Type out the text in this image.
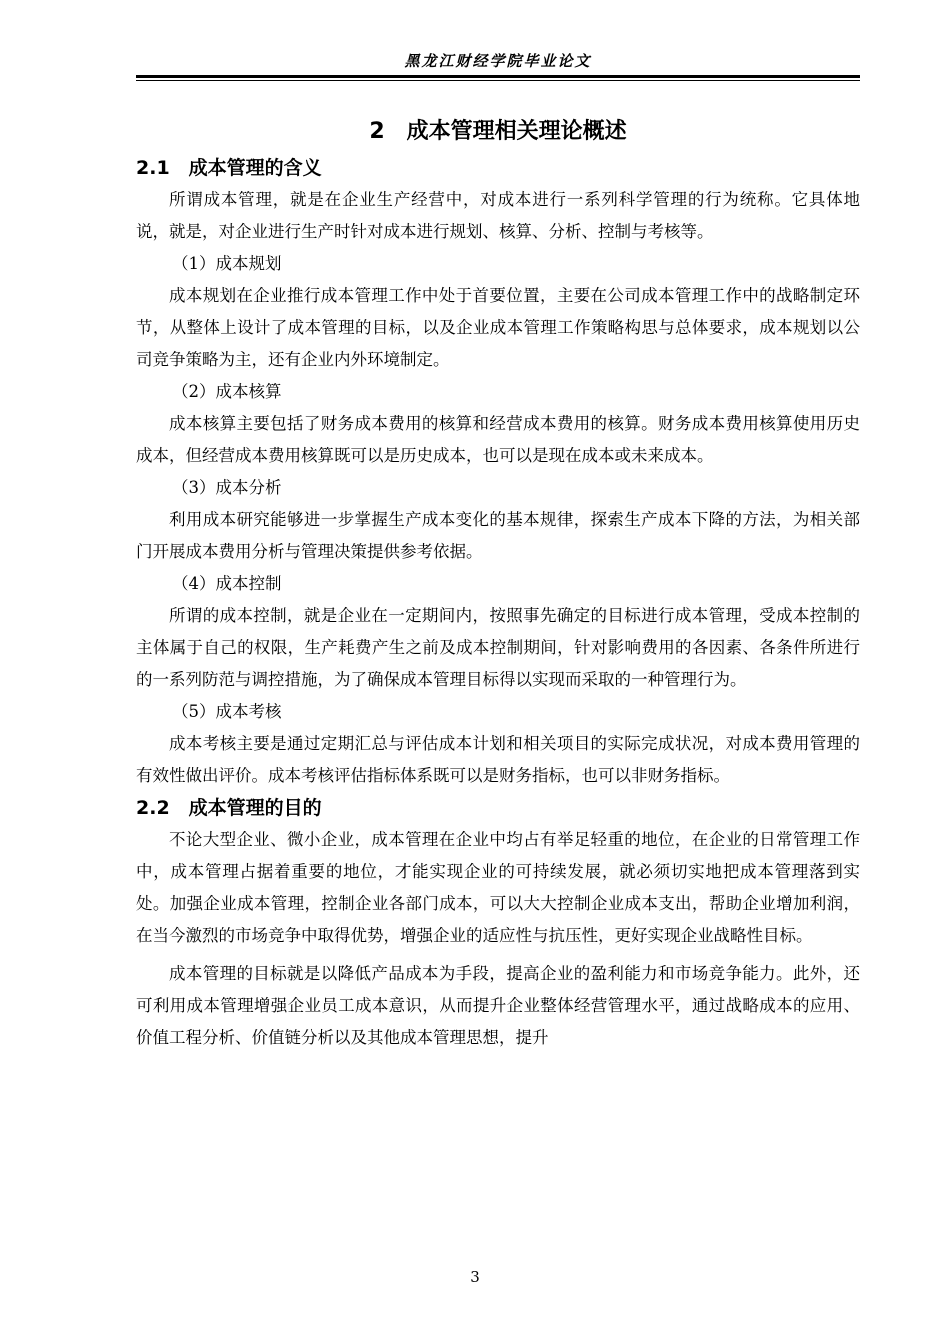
黑龙江财经学院毕业论文
2　成本管理相关理论概述
2.1　成本管理的含义

所谓成本管理，就是在企业生产经营中，对成本进行一系列科学管理的行为统称。它具体地说，就是，对企业进行生产时针对成本进行规划、核算、分析、控制与考核等。

（1）成本规划

成本规划在企业推行成本管理工作中处于首要位置，主要在公司成本管理工作中的战略制定环节，从整体上设计了成本管理的目标，以及企业成本管理工作策略构思与总体要求，成本规划以公司竞争策略为主，还有企业内外环境制定。

（2）成本核算

成本核算主要包括了财务成本费用的核算和经营成本费用的核算。财务成本费用核算使用历史成本，但经营成本费用核算既可以是历史成本，也可以是现在成本或未来成本。

（3）成本分析

利用成本研究能够进一步掌握生产成本变化的基本规律，探索生产成本下降的方法，为相关部门开展成本费用分析与管理决策提供参考依据。

（4）成本控制

所谓的成本控制，就是企业在一定期间内，按照事先确定的目标进行成本管理，受成本控制的主体属于自己的权限，生产耗费产生之前及成本控制期间，针对影响费用的各因素、各条件所进行的一系列防范与调控措施，为了确保成本管理目标得以实现而采取的一种管理行为。

（5）成本考核

成本考核主要是通过定期汇总与评估成本计划和相关项目的实际完成状况，对成本费用管理的有效性做出评价。成本考核评估指标体系既可以是财务指标，也可以非财务指标。

2.2　成本管理的目的

不论大型企业、微小企业，成本管理在企业中均占有举足轻重的地位，在企业的日常管理工作中，成本管理占据着重要的地位，才能实现企业的可持续发展，就必须切实地把成本管理落到实处。加强企业成本管理，控制企业各部门成本，可以大大控制企业成本支出，帮助企业增加利润，在当今激烈的市场竞争中取得优势，增强企业的适应性与抗压性，更好实现企业战略性目标。

成本管理的目标就是以降低产品成本为手段，提高企业的盈利能力和市场竞争能力。此外，还可利用成本管理增强企业员工成本意识，从而提升企业整体经营管理水平，通过战略成本的应用、价值工程分析、价值链分析以及其他成本管理思想，提升

3
